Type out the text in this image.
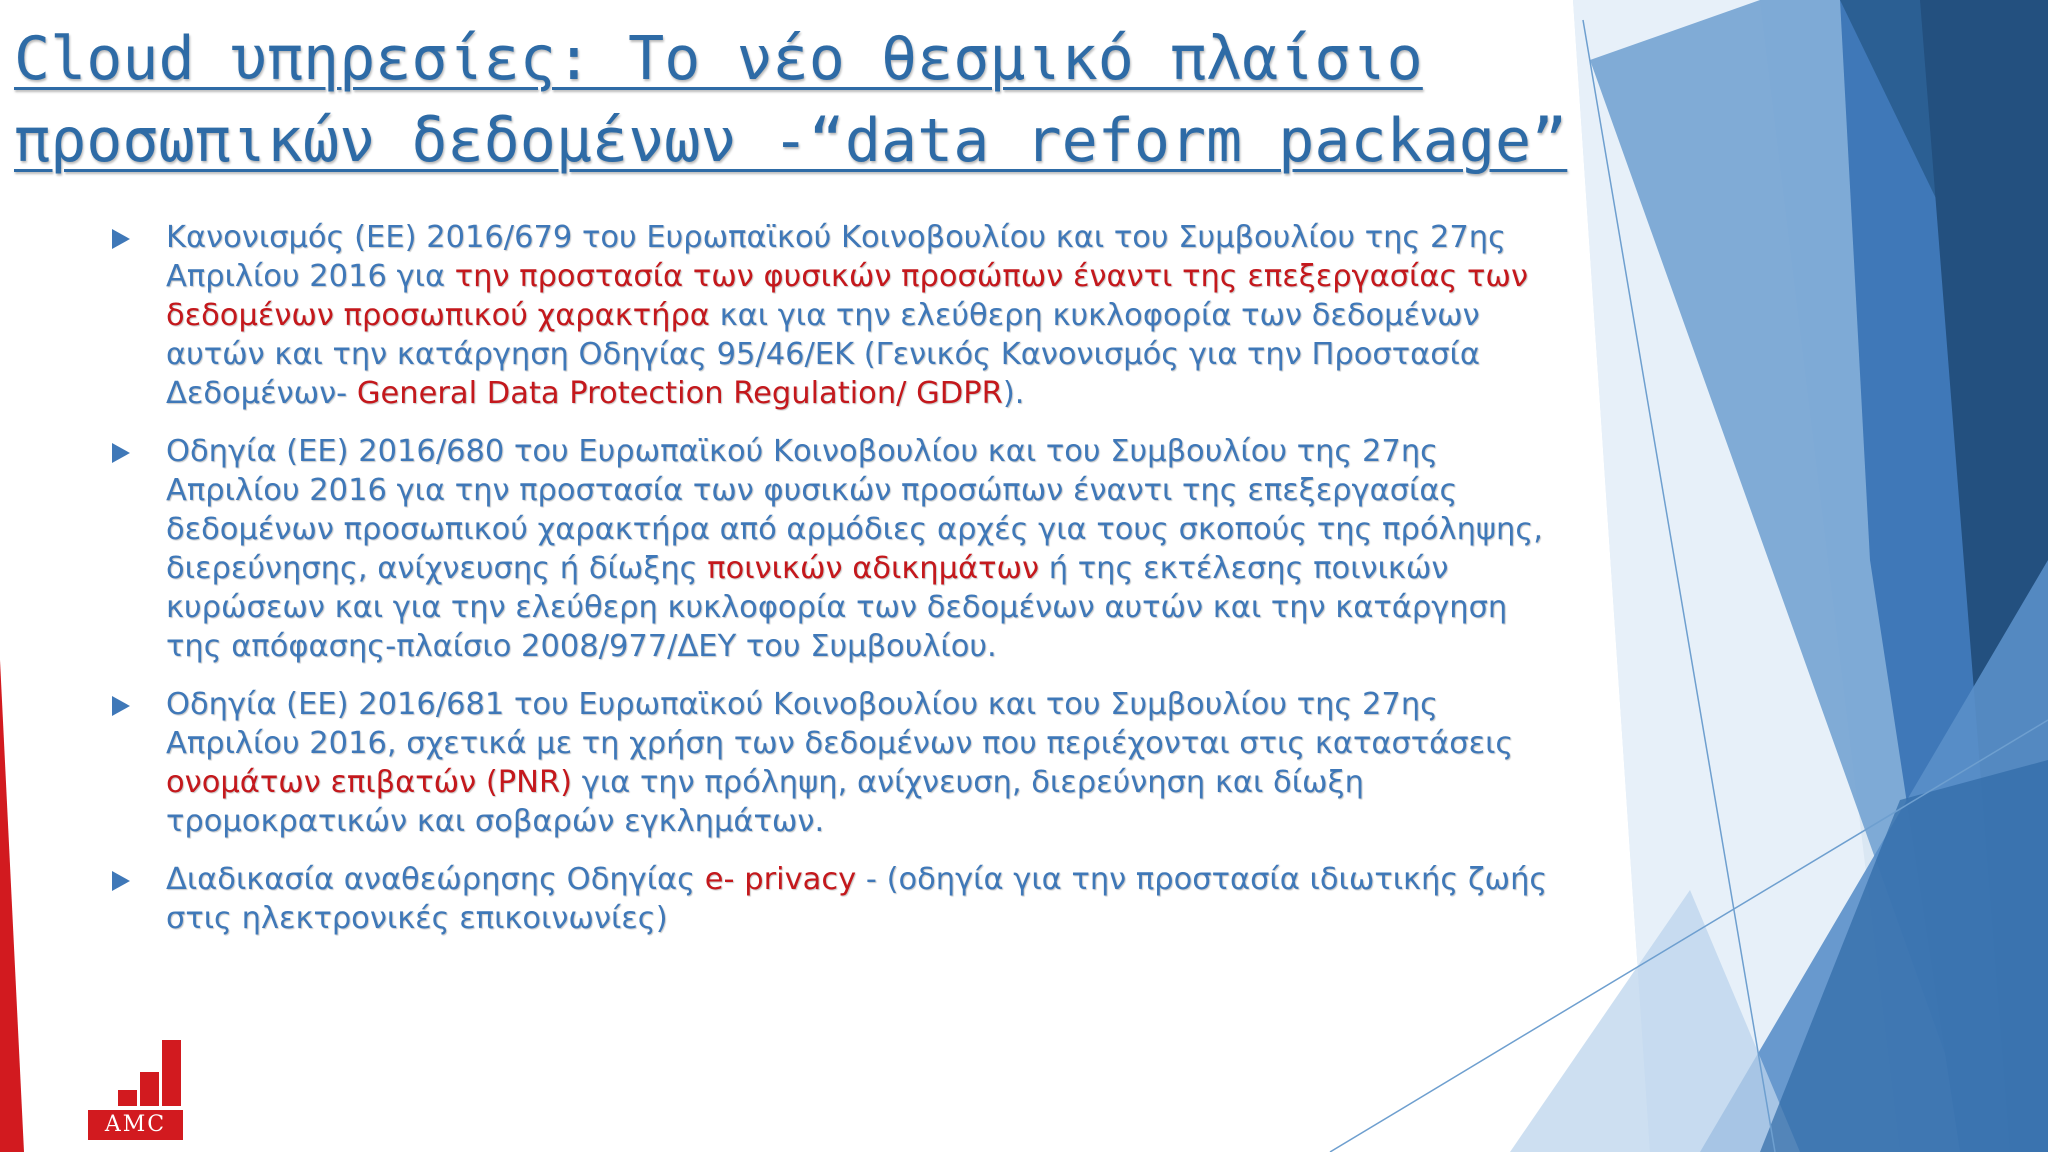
Cloud υπηρεσίες: Το νέο θεσμικό πλαίσιο προσωπικών δεδομένων -“data reform package”
Κανονισμός (ΕΕ) 2016/679 του Ευρωπαϊκού Κοινοβουλίου και του Συμβουλίου της 27ης Απριλίου 2016 για την προστασία των φυσικών προσώπων έναντι της επεξεργασίας των δεδομένων προσωπικού χαρακτήρα και για την ελεύθερη κυκλοφορία των δεδομένων αυτών και την κατάργηση Οδηγίας 95/46/ΕΚ (Γενικός Κανονισμός για την Προστασία Δεδομένων- General Data Protection Regulation/ GDPR).
Οδηγία (ΕΕ) 2016/680 του Ευρωπαϊκού Κοινοβουλίου και του Συμβουλίου της 27ης Απριλίου 2016 για την προστασία των φυσικών προσώπων έναντι της επεξεργασίας δεδομένων προσωπικού χαρακτήρα από αρμόδιες αρχές για τους σκοπούς της πρόληψης, διερεύνησης, ανίχνευσης ή δίωξης ποινικών αδικημάτων ή της εκτέλεσης ποινικών κυρώσεων και για την ελεύθερη κυκλοφορία των δεδομένων αυτών και την κατάργηση της απόφασης-πλαίσιο 2008/977/ΔΕΥ του Συμβουλίου.
Οδηγία (ΕΕ) 2016/681 του Ευρωπαϊκού Κοινοβουλίου και του Συμβουλίου της 27ης Απριλίου 2016, σχετικά με τη χρήση των δεδομένων που περιέχονται στις καταστάσεις ονομάτων επιβατών (PNR) για την πρόληψη, ανίχνευση, διερεύνηση και δίωξη τρομοκρατικών και σοβαρών εγκλημάτων.
Διαδικασία αναθεώρησης Οδηγίας e- privacy - (οδηγία για την προστασία ιδιωτικής ζωής στις ηλεκτρονικές επικοινωνίες)
AMC
